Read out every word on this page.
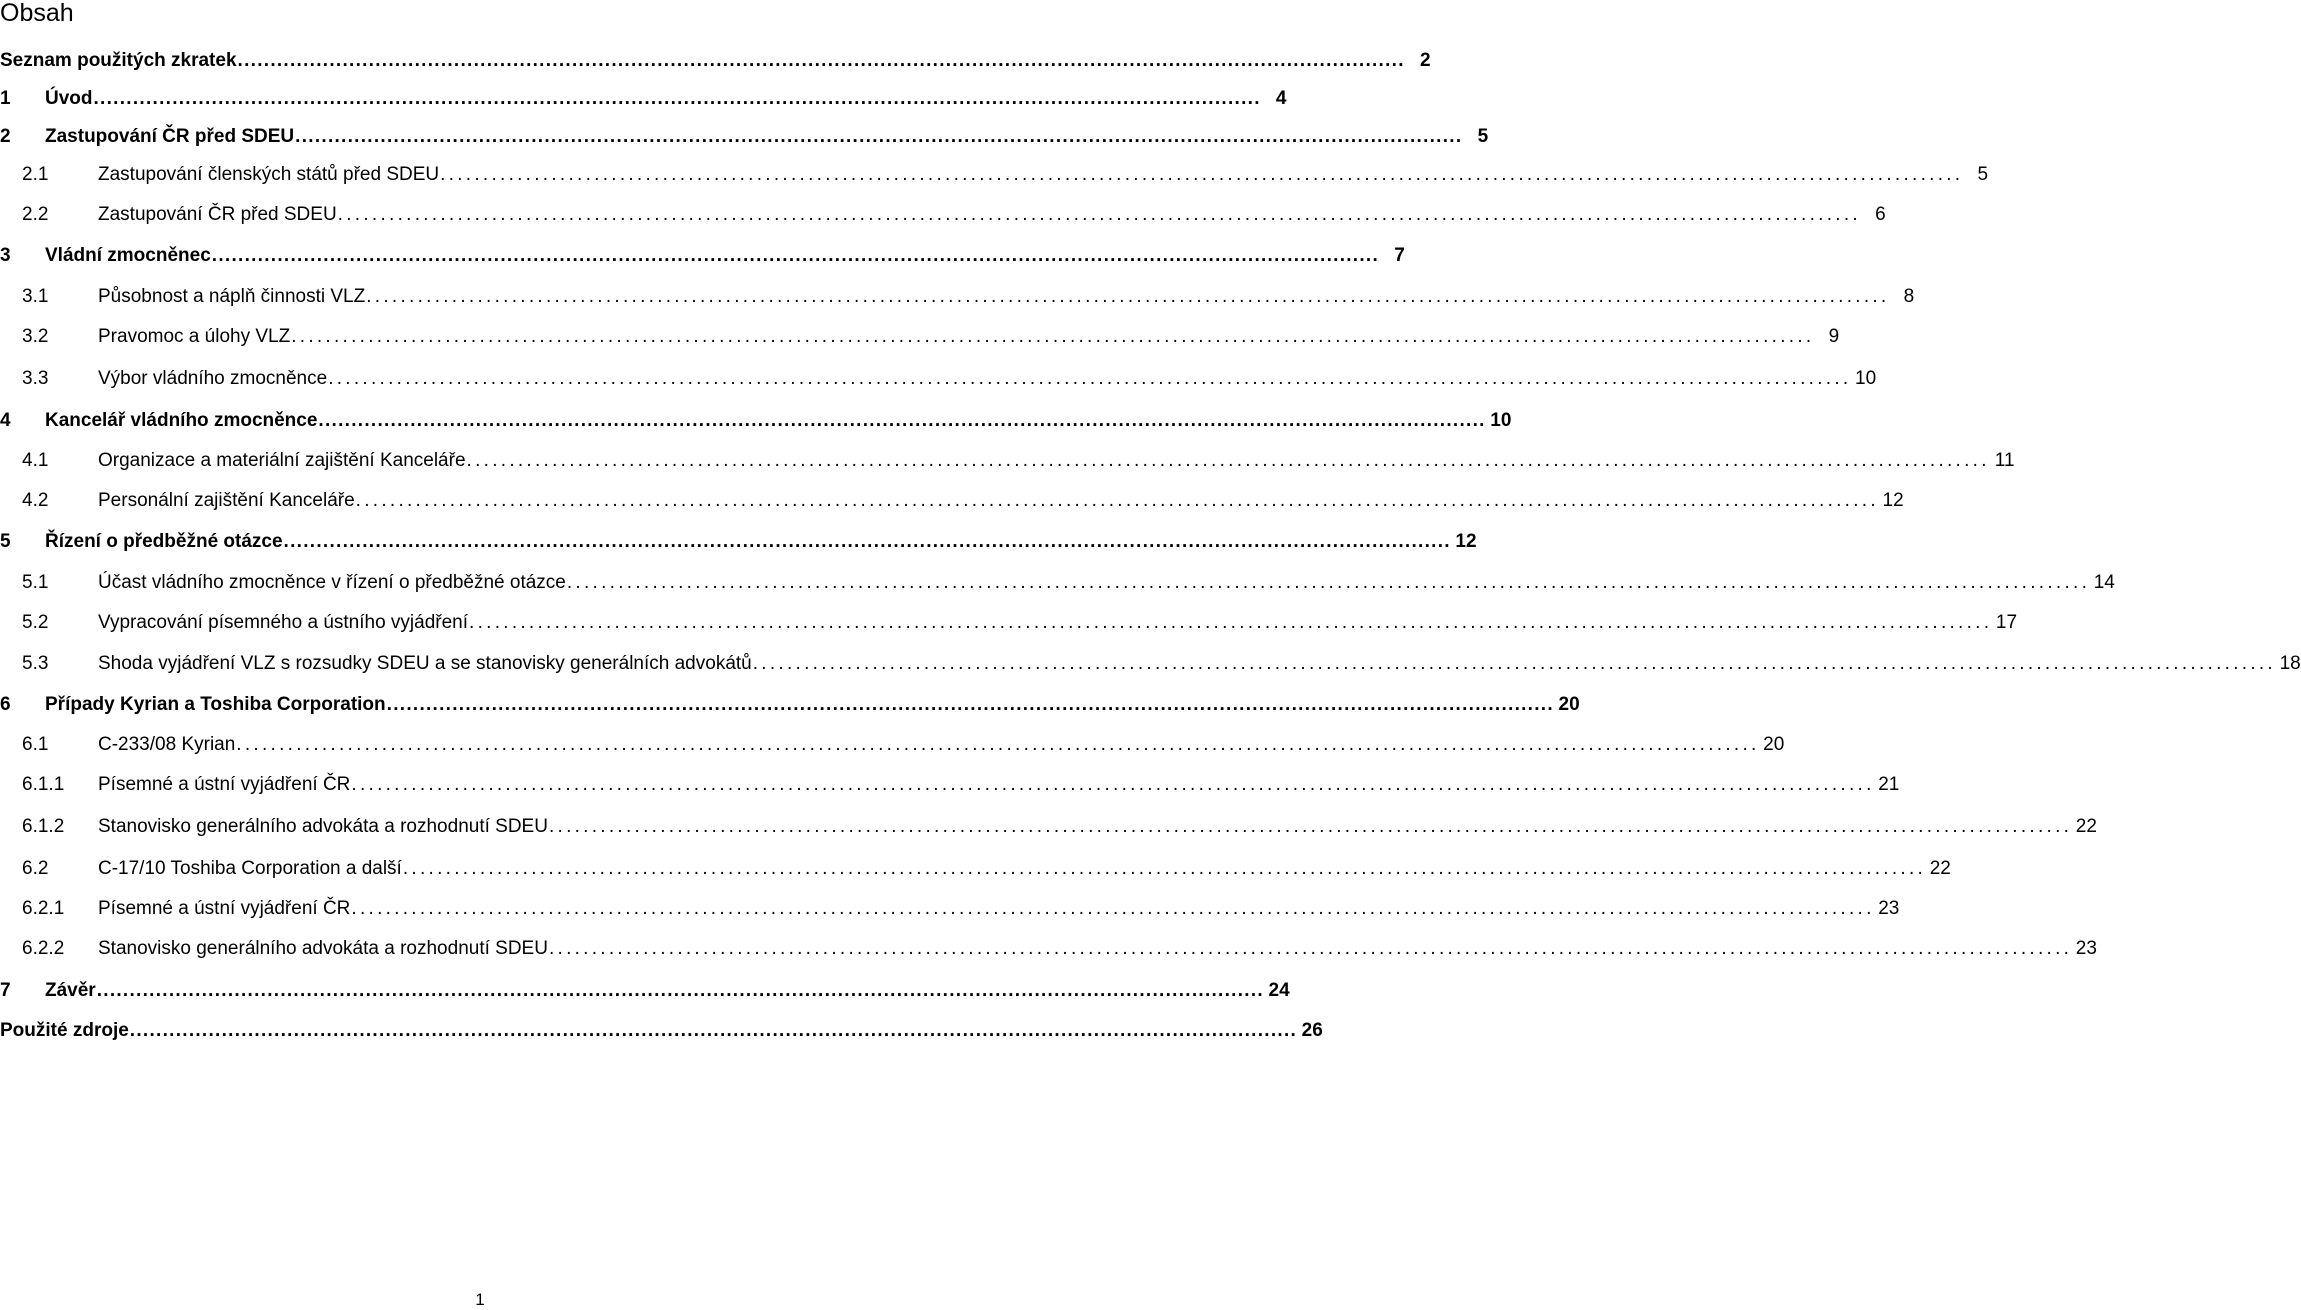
Obsah
Seznam použitých zkratek . . .	2
1	Úvod . . .	4
2	Zastupování ČR před SDEU . . .	5
2.1	Zastupování členských států před SDEU . . .	5
2.2	Zastupování ČR před SDEU . . .	6
3	Vládní zmocněnec . . .	7
3.1	Působnost a náplň činnosti VLZ . . .	8
3.2	Pravomoc a úlohy VLZ . . .	9
3.3	Výbor vládního zmocněnce . . .	10
4	Kancelář vládního zmocněnce . . .	10
4.1	Organizace a materiální zajištění Kanceláře . . .	11
4.2	Personální zajištění Kanceláře . . .	12
5	Řízení o předběžné otázce . . .	12
5.1	Účast vládního zmocněnce v řízení o předběžné otázce . . .	14
5.2	Vypracování písemného a ústního vyjádření . . .	17
5.3	Shoda vyjádření VLZ s rozsudky SDEU a se stanovisky generálních advokátů . . .	18
6	Případy Kyrian a Toshiba Corporation . . .	20
6.1	C-233/08 Kyrian . . .	20
6.1.1	Písemné a ústní vyjádření ČR . . .	21
6.1.2	Stanovisko generálního advokáta a rozhodnutí SDEU . . .	22
6.2	C-17/10 Toshiba Corporation a další . . .	22
6.2.1	Písemné a ústní vyjádření ČR . . .	23
6.2.2	Stanovisko generálního advokáta a rozhodnutí SDEU . . .	23
7	Závěr . . .	24
Použité zdroje . . .	26
1
